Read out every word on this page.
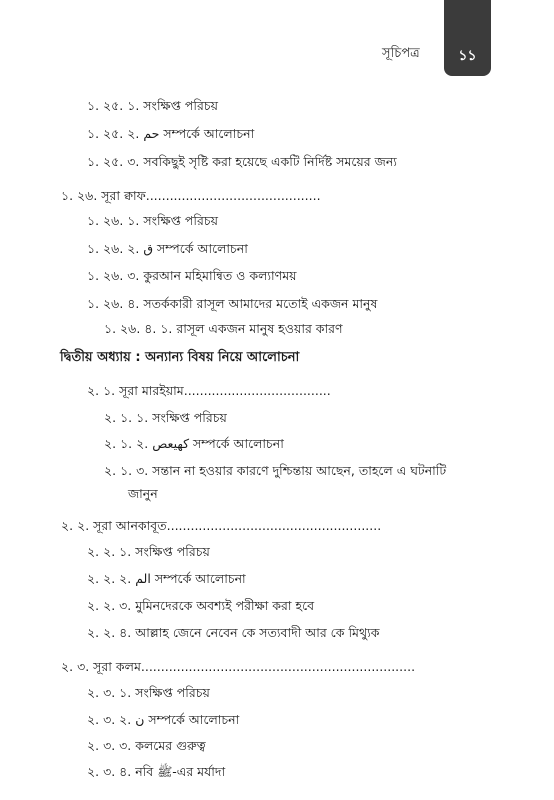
সূচিপত্র	১১
১. ২৫. ১. সংক্ষিপ্ত পরিচয়
১. ২৫. ২. حم সম্পর্কে আলোচনা
১. ২৫. ৩. সবকিছুই সৃষ্টি করা হয়েছে একটি নির্দিষ্ট সময়ের জন্য
১. ২৬. সূরা ক্বাফ............................................
১. ২৬. ১. সংক্ষিপ্ত পরিচয়
১. ২৬. ২. ق সম্পর্কে আলোচনা
১. ২৬. ৩. কুরআন মহিমান্বিত ও কল্যাণময়
১. ২৬. ৪. সতর্ককারী রাসূল আমাদের মতোই একজন মানুষ
১. ২৬. ৪. ১. রাসূল একজন মানুষ হওয়ার কারণ
দ্বিতীয় অধ্যায় : অন্যান্য বিষয় নিয়ে আলোচনা
২. ১. সূরা মারইয়াম.....................................
২. ১. ১. সংক্ষিপ্ত পরিচয়
২. ১. ২. كهيعص সম্পর্কে আলোচনা
২. ১. ৩. সন্তান না হওয়ার কারণে দুশ্চিন্তায় আছেন, তাহলে এ ঘটনাটি
জানুন
২. ২. সূরা আনকাবূত......................................................
২. ২. ১. সংক্ষিপ্ত পরিচয়
২. ২. ২. الم সম্পর্কে আলোচনা
২. ২. ৩. মুমিনদেরকে অবশ্যই পরীক্ষা করা হবে
২. ২. ৪. আল্লাহ জেনে নেবেন কে সত্যবাদী আর কে মিথ্যুক
২. ৩. সূরা কলম.....................................................................
২. ৩. ১. সংক্ষিপ্ত পরিচয়
২. ৩. ২. ن সম্পর্কে আলোচনা
২. ৩. ৩. কলমের গুরুত্ব
২. ৩. ৪. নবি ﷺ-এর মর্যাদা
